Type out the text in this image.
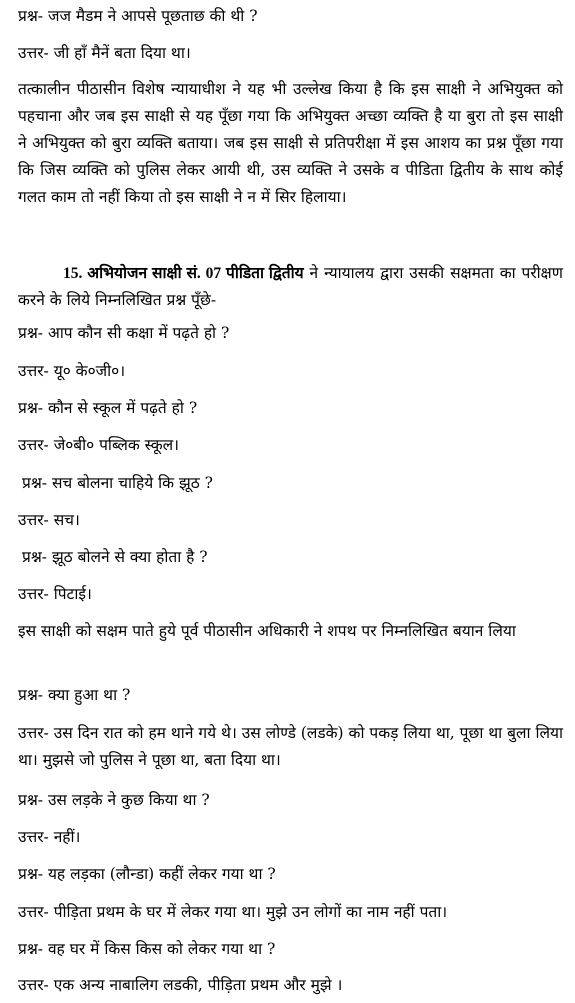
प्रश्न- जज मैडम ने आपसे पूछताछ की थी ?
उत्तर- जी हाँ मैनें बता दिया था।
तत्कालीन पीठासीन विशेष न्यायाधीश ने यह भी उल्लेख किया है कि इस साक्षी ने अभियुक्त को पहचाना और जब इस साक्षी से यह पूँछा गया कि अभियुक्त अच्छा व्यक्ति है या बुरा तो इस साक्षी ने अभियुक्त को बुरा व्यक्ति बताया। जब इस साक्षी से प्रतिपरीक्षा में इस आशय का प्रश्न पूँछा गया कि जिस व्यक्ति को पुलिस लेकर आयी थी, उस व्यक्ति ने उसके व पीडिता द्वितीय के साथ कोई गलत काम तो नहीं किया तो इस साक्षी ने न में सिर हिलाया।
15. अभियोजन साक्षी सं. 07 पीडिता द्वितीय ने न्यायालय द्वारा उसकी सक्षमता का परीक्षण करने के लिये निम्नलिखित प्रश्न पूँछे-
प्रश्न- आप कौन सी कक्षा में पढ़ते हो ?
उत्तर- यू० के०जी०।
प्रश्न- कौन से स्कूल में पढ़ते हो ?
उत्तर- जे०बी० पब्लिक स्कूल।
प्रश्न- सच बोलना चाहिये कि झूठ ?
उत्तर- सच।
प्रश्न- झूठ बोलने से क्या होता है ?
उत्तर- पिटाई।
इस साक्षी को सक्षम पाते हुये पूर्व पीठासीन अधिकारी ने शपथ पर निम्नलिखित बयान लिया
प्रश्न- क्या हुआ था ?
उत्तर- उस दिन रात को हम थाने गये थे। उस लोण्डे (लडके) को पकड़ लिया था, पूछा था बुला लिया था। मुझसे जो पुलिस ने पूछा था, बता दिया था।
प्रश्न- उस लड़के ने कुछ किया था ?
उत्तर- नहीं।
प्रश्न- यह लड़का (लौन्डा) कहीं लेकर गया था ?
उत्तर- पीड़िता प्रथम के घर में लेकर गया था। मुझे उन लोगों का नाम नहीं पता।
प्रश्न- वह घर में किस किस को लेकर गया था ?
उत्तर- एक अन्य नाबालिग लडकी, पीड़िता प्रथम और मुझे ।
